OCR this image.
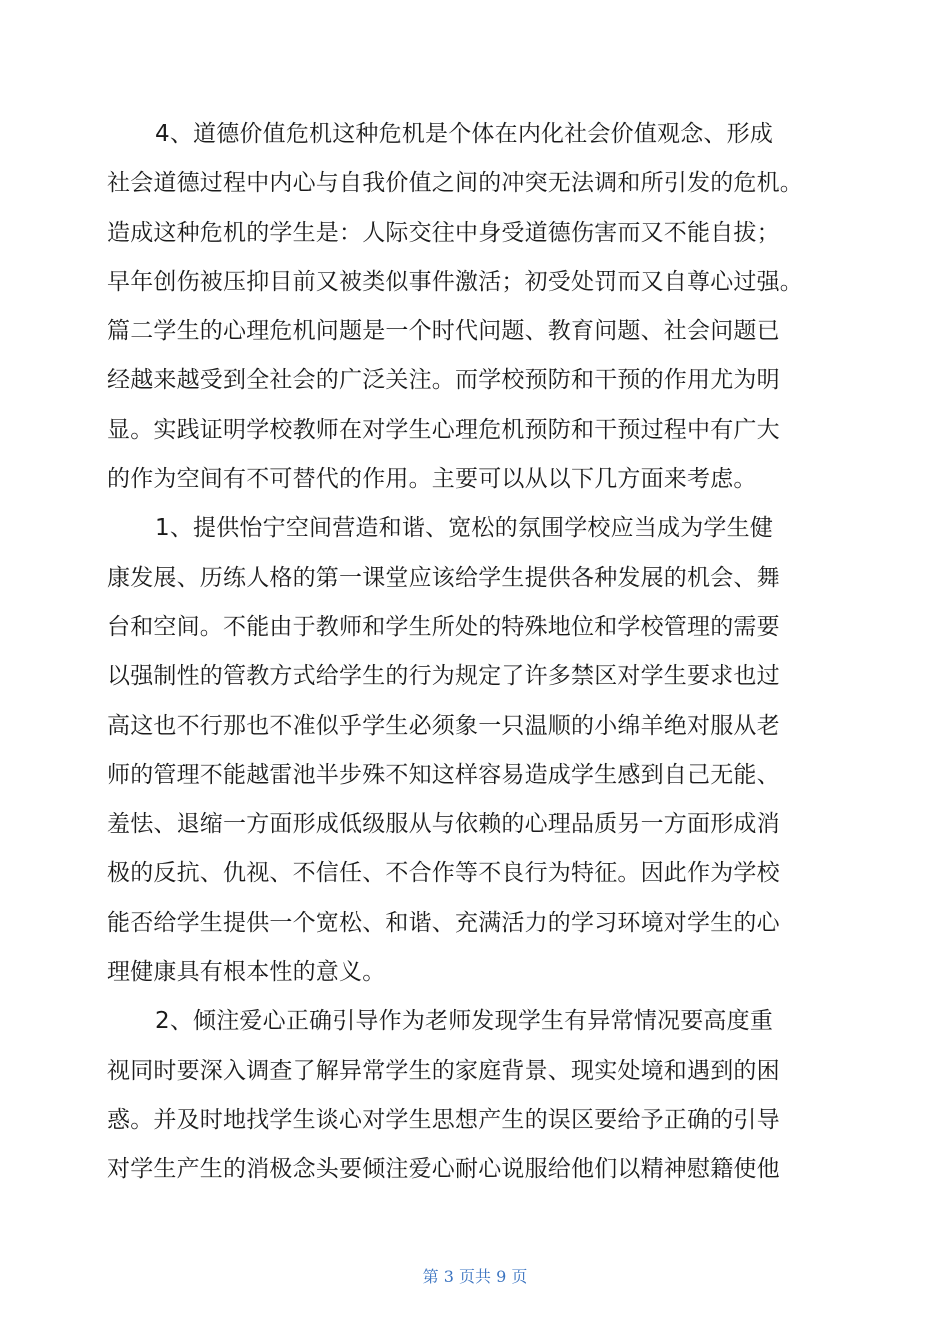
4、道德价值危机这种危机是个体在内化社会价值观念、形成
社会道德过程中内心与自我价值之间的冲突无法调和所引发的危机。
造成这种危机的学生是：人际交往中身受道德伤害而又不能自拔；
早年创伤被压抑目前又被类似事件激活；初受处罚而又自尊心过强。
篇二学生的心理危机问题是一个时代问题、教育问题、社会问题已
经越来越受到全社会的广泛关注。而学校预防和干预的作用尤为明
显。实践证明学校教师在对学生心理危机预防和干预过程中有广大
的作为空间有不可替代的作用。主要可以从以下几方面来考虑。
1、提供怡宁空间营造和谐、宽松的氛围学校应当成为学生健
康发展、历练人格的第一课堂应该给学生提供各种发展的机会、舞
台和空间。不能由于教师和学生所处的特殊地位和学校管理的需要
以强制性的管教方式给学生的行为规定了许多禁区对学生要求也过
高这也不行那也不准似乎学生必须象一只温顺的小绵羊绝对服从老
师的管理不能越雷池半步殊不知这样容易造成学生感到自己无能、
羞怯、退缩一方面形成低级服从与依赖的心理品质另一方面形成消
极的反抗、仇视、不信任、不合作等不良行为特征。因此作为学校
能否给学生提供一个宽松、和谐、充满活力的学习环境对学生的心
理健康具有根本性的意义。
2、倾注爱心正确引导作为老师发现学生有异常情况要高度重
视同时要深入调查了解异常学生的家庭背景、现实处境和遇到的困
惑。并及时地找学生谈心对学生思想产生的误区要给予正确的引导
对学生产生的消极念头要倾注爱心耐心说服给他们以精神慰籍使他
第 3 页共 9 页
